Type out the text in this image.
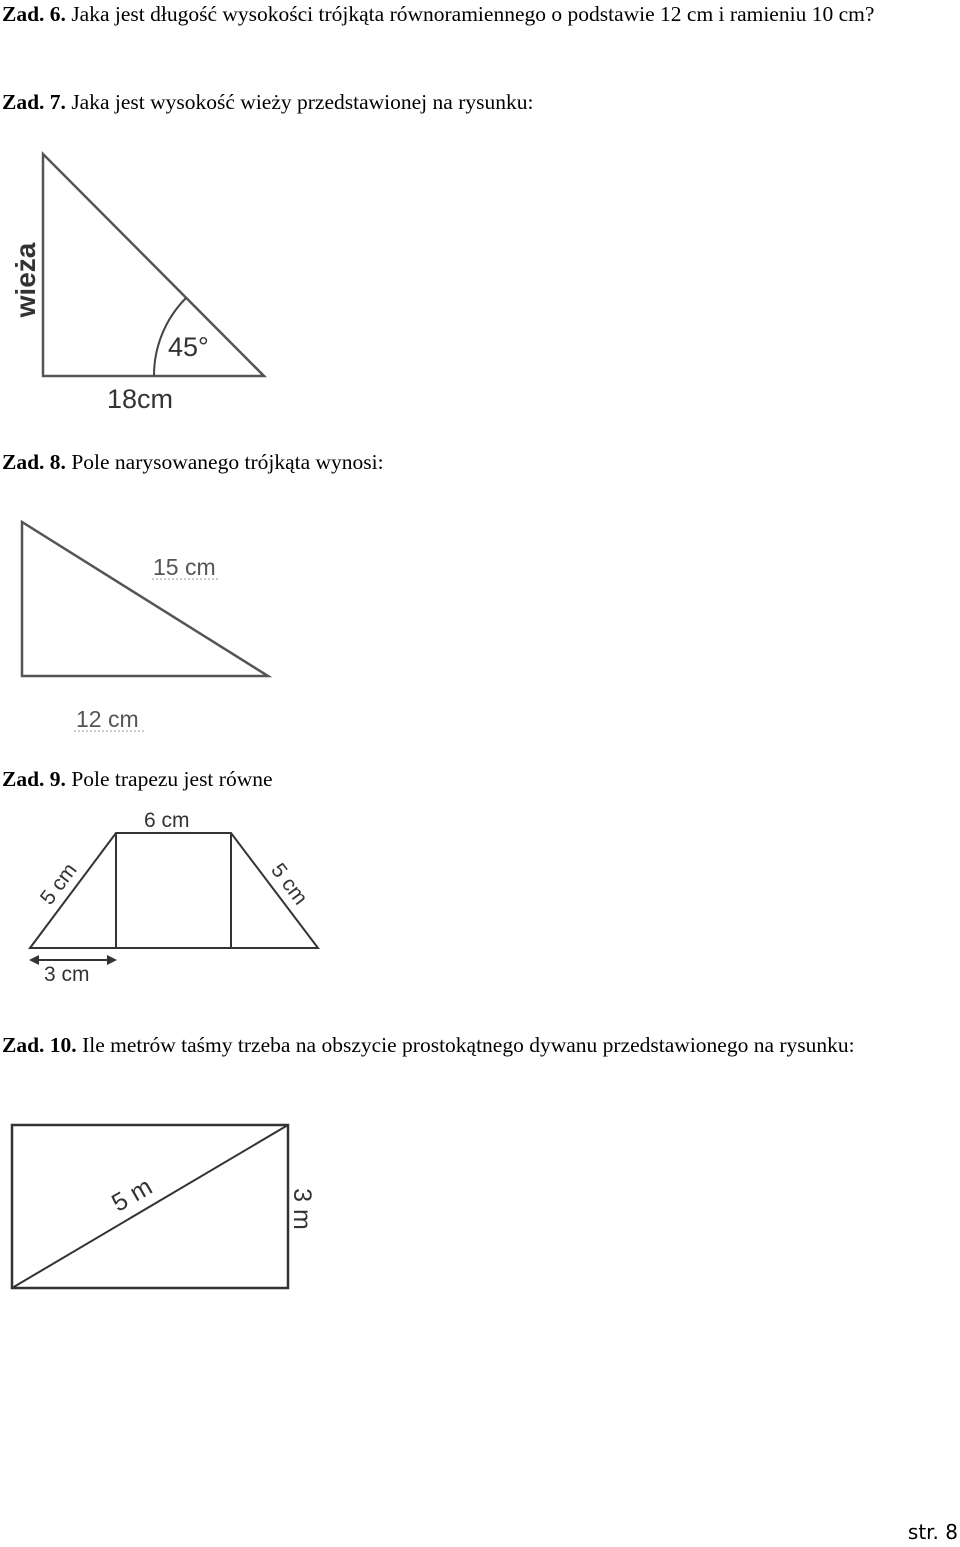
Zad. 6. Jaka jest długość wysokości trójkąta równoramiennego o podstawie 12 cm i ramieniu 10 cm?

Zad. 7. Jaka jest wysokość wieży przedstawionej na rysunku:

wieża
45°
18cm

Zad. 8. Pole narysowanego trójkąta wynosi:

15 cm
12 cm

Zad. 9. Pole trapezu jest równe

6 cm
5 cm	5 cm
3 cm

Zad. 10. Ile metrów taśmy trzeba na obszycie prostokątnego dywanu przedstawionego na rysunku:

5 m	3 m
str. 8
